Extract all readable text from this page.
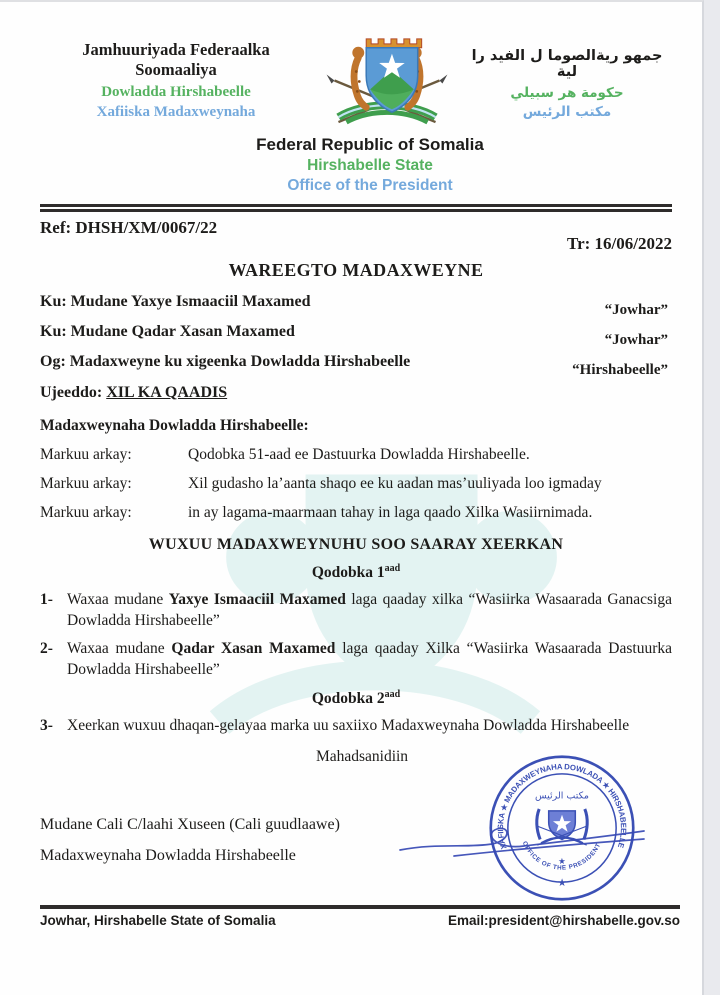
Jamhuuriyada Federaalka Soomaaliya
Dowladda Hirshabeelle
Xafiiska Madaxweynaha
جمهو ريةالصوما ل الفيد را لية
حكومة هر سبيلي
مكتب الرئيس
Federal Republic of Somalia
Hirshabelle State
Office of the President
Ref: DHSH/XM/0067/22
Tr: 16/06/2022
WAREEGTO MADAXWEYNE
Ku: Mudane Yaxye Ismaaciil Maxamed	“Jowhar”
Ku: Mudane Qadar Xasan Maxamed	“Jowhar”
Og: Madaxweyne ku xigeenka Dowladda Hirshabeelle	“Hirshabeelle”
Ujeeddo: XIL KA QAADIS
Madaxweynaha Dowladda Hirshabeelle:
Markuu arkay:	Qodobka 51-aad ee Dastuurka Dowladda Hirshabeelle.
Markuu arkay:	Xil gudasho la’aanta shaqo ee ku aadan mas’uuliyada loo igmaday
Markuu arkay:	in ay lagama-maarmaan tahay in laga qaado Xilka Wasiirnimada.
WUXUU MADAXWEYNUHU SOO SAARAY XEERKAN
Qodobka $1^{aad}$
1- Waxaa mudane Yaxye Ismaaciil Maxamed laga qaaday xilka “Wasiirka Wasaarada Ganacsiga Dowladda Hirshabeelle”
2- Waxaa mudane Qadar Xasan Maxamed laga qaaday Xilka “Wasiirka Wasaarada Dastuurka Dowladda Hirshabeelle”
Qodobka $2^{aad}$
3- Xeerkan wuxuu dhaqan-gelayaa marka uu saxiixo Madaxweynaha Dowladda Hirshabeelle
Mahadsanidiin
Mudane Cali C/laahi Xuseen (Cali guudlaawe)
Madaxweynaha Dowladda Hirshabeelle
XAFIISKA ★ MADAXWEYNAHA DOWLADA ★ HIRSHABEELLE
OFFICE OF THE PRESIDENT
★
★
مكتب الرئيس
Jowhar, Hirshabelle State of Somalia	Email:president@hirshabelle.gov.so
